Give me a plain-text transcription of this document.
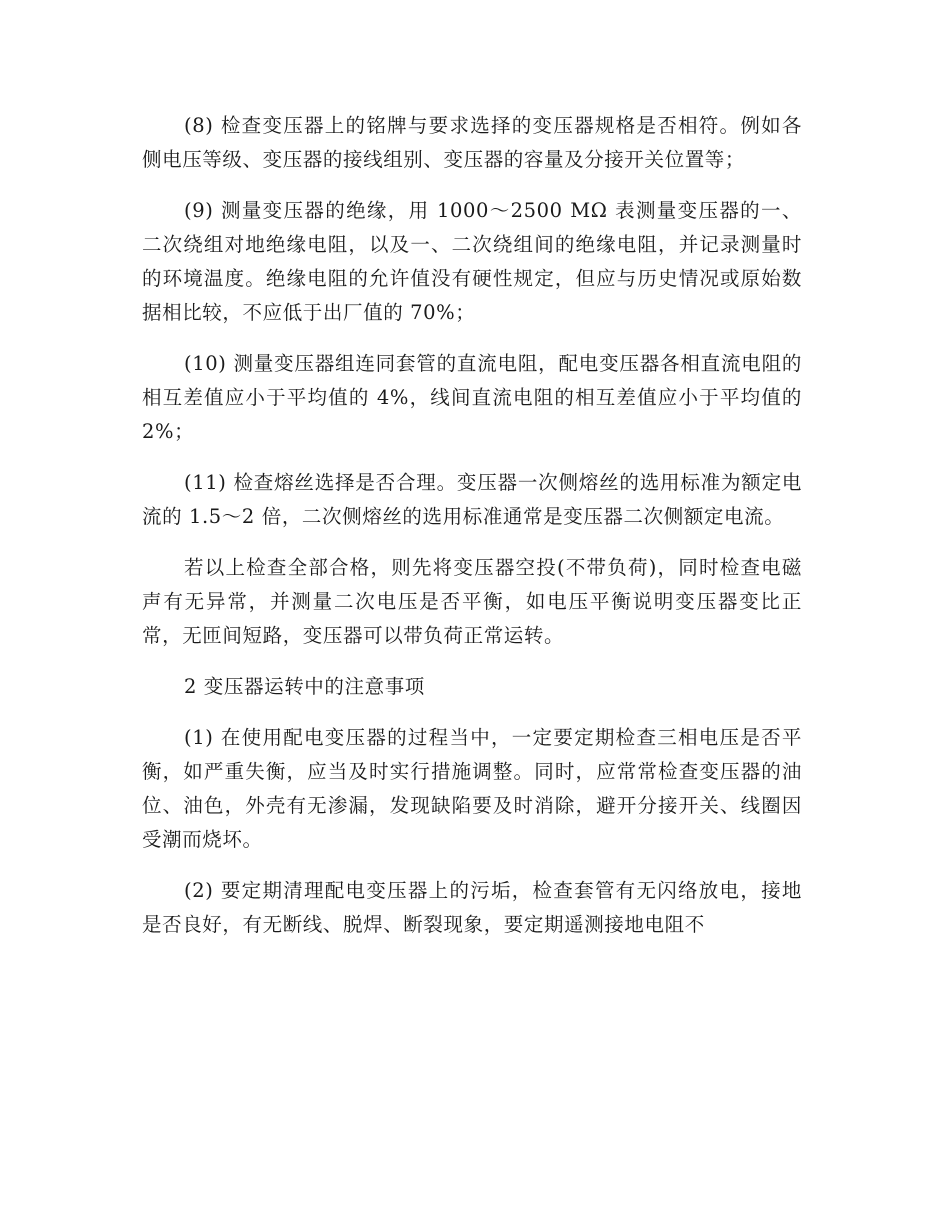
(8) 检查变压器上的铭牌与要求选择的变压器规格是否相符。例如各侧电压等级、变压器的接线组别、变压器的容量及分接开关位置等；

(9) 测量变压器的绝缘，用 1000～2500 MΩ 表测量变压器的一、二次绕组对地绝缘电阻，以及一、二次绕组间的绝缘电阻，并记录测量时的环境温度。绝缘电阻的允许值没有硬性规定，但应与历史情况或原始数据相比较，不应低于出厂值的 70%；

(10) 测量变压器组连同套管的直流电阻，配电变压器各相直流电阻的相互差值应小于平均值的 4%，线间直流电阻的相互差值应小于平均值的 2%；

(11) 检查熔丝选择是否合理。变压器一次侧熔丝的选用标准为额定电流的 1.5～2 倍，二次侧熔丝的选用标准通常是变压器二次侧额定电流。

若以上检查全部合格，则先将变压器空投(不带负荷)，同时检查电磁声有无异常，并测量二次电压是否平衡，如电压平衡说明变压器变比正常，无匝间短路，变压器可以带负荷正常运转。

2 变压器运转中的注意事项

(1) 在使用配电变压器的过程当中，一定要定期检查三相电压是否平衡，如严重失衡，应当及时实行措施调整。同时，应常常检查变压器的油位、油色，外壳有无渗漏，发现缺陷要及时消除，避开分接开关、线圈因受潮而烧坏。

(2) 要定期清理配电变压器上的污垢，检查套管有无闪络放电，接地是否良好，有无断线、脱焊、断裂现象，要定期遥测接地电阻不
